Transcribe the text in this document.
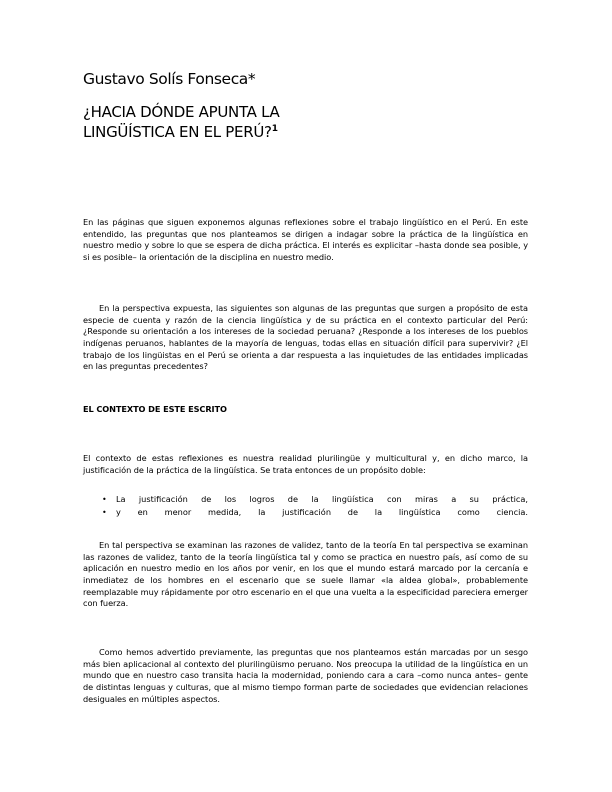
Gustavo Solís Fonseca*
¿HACIA DÓNDE APUNTA LA
LINGÜÍSTICA EN EL PERÚ?$^1$

En las páginas que siguen exponemos algunas reflexiones sobre el trabajo lingüístico en el Perú. En este entendido, las preguntas que nos planteamos se dirigen a indagar sobre la práctica de la lingüística en nuestro medio y sobre lo que se espera de dicha práctica. El interés es explicitar –hasta donde sea posible, y si es posible– la orientación de la disciplina en nuestro medio.

En la perspectiva expuesta, las siguientes son algunas de las preguntas que surgen a propósito de esta especie de cuenta y razón de la ciencia lingüística y de su práctica en el contexto particular del Perú: ¿Responde su orientación a los intereses de la sociedad peruana? ¿Responde a los intereses de los pueblos indígenas peruanos, hablantes de la mayoría de lenguas, todas ellas en situación difícil para supervivir? ¿El trabajo de los lingüistas en el Perú se orienta a dar respuesta a las inquietudes de las entidades implicadas en las preguntas precedentes?

EL CONTEXTO DE ESTE ESCRITO

El contexto de estas reflexiones es nuestra realidad plurilingüe y multicultural y, en dicho marco, la justificación de la práctica de la lingüística. Se trata entonces de un propósito doble:

• La justificación de los logros de la lingüística con miras a su práctica,
• y en menor medida, la justificación de la lingüística como ciencia.

En tal perspectiva se examinan las razones de validez, tanto de la teoría En tal perspectiva se examinan las razones de validez, tanto de la teoría lingüística tal y como se practica en nuestro país, así como de su aplicación en nuestro medio en los años por venir, en los que el mundo estará marcado por la cercanía e inmediatez de los hombres en el escenario que se suele llamar «la aldea global», probablemente reemplazable muy rápidamente por otro escenario en el que una vuelta a la especificidad pareciera emerger con fuerza.

Como hemos advertido previamente, las preguntas que nos planteamos están marcadas por un sesgo más bien aplicacional al contexto del plurilingüismo peruano. Nos preocupa la utilidad de la lingüística en un mundo que en nuestro caso transita hacia la modernidad, poniendo cara a cara –como nunca antes– gente de distintas lenguas y culturas, que al mismo tiempo forman parte de sociedades que evidencian relaciones desiguales en múltiples aspectos.
